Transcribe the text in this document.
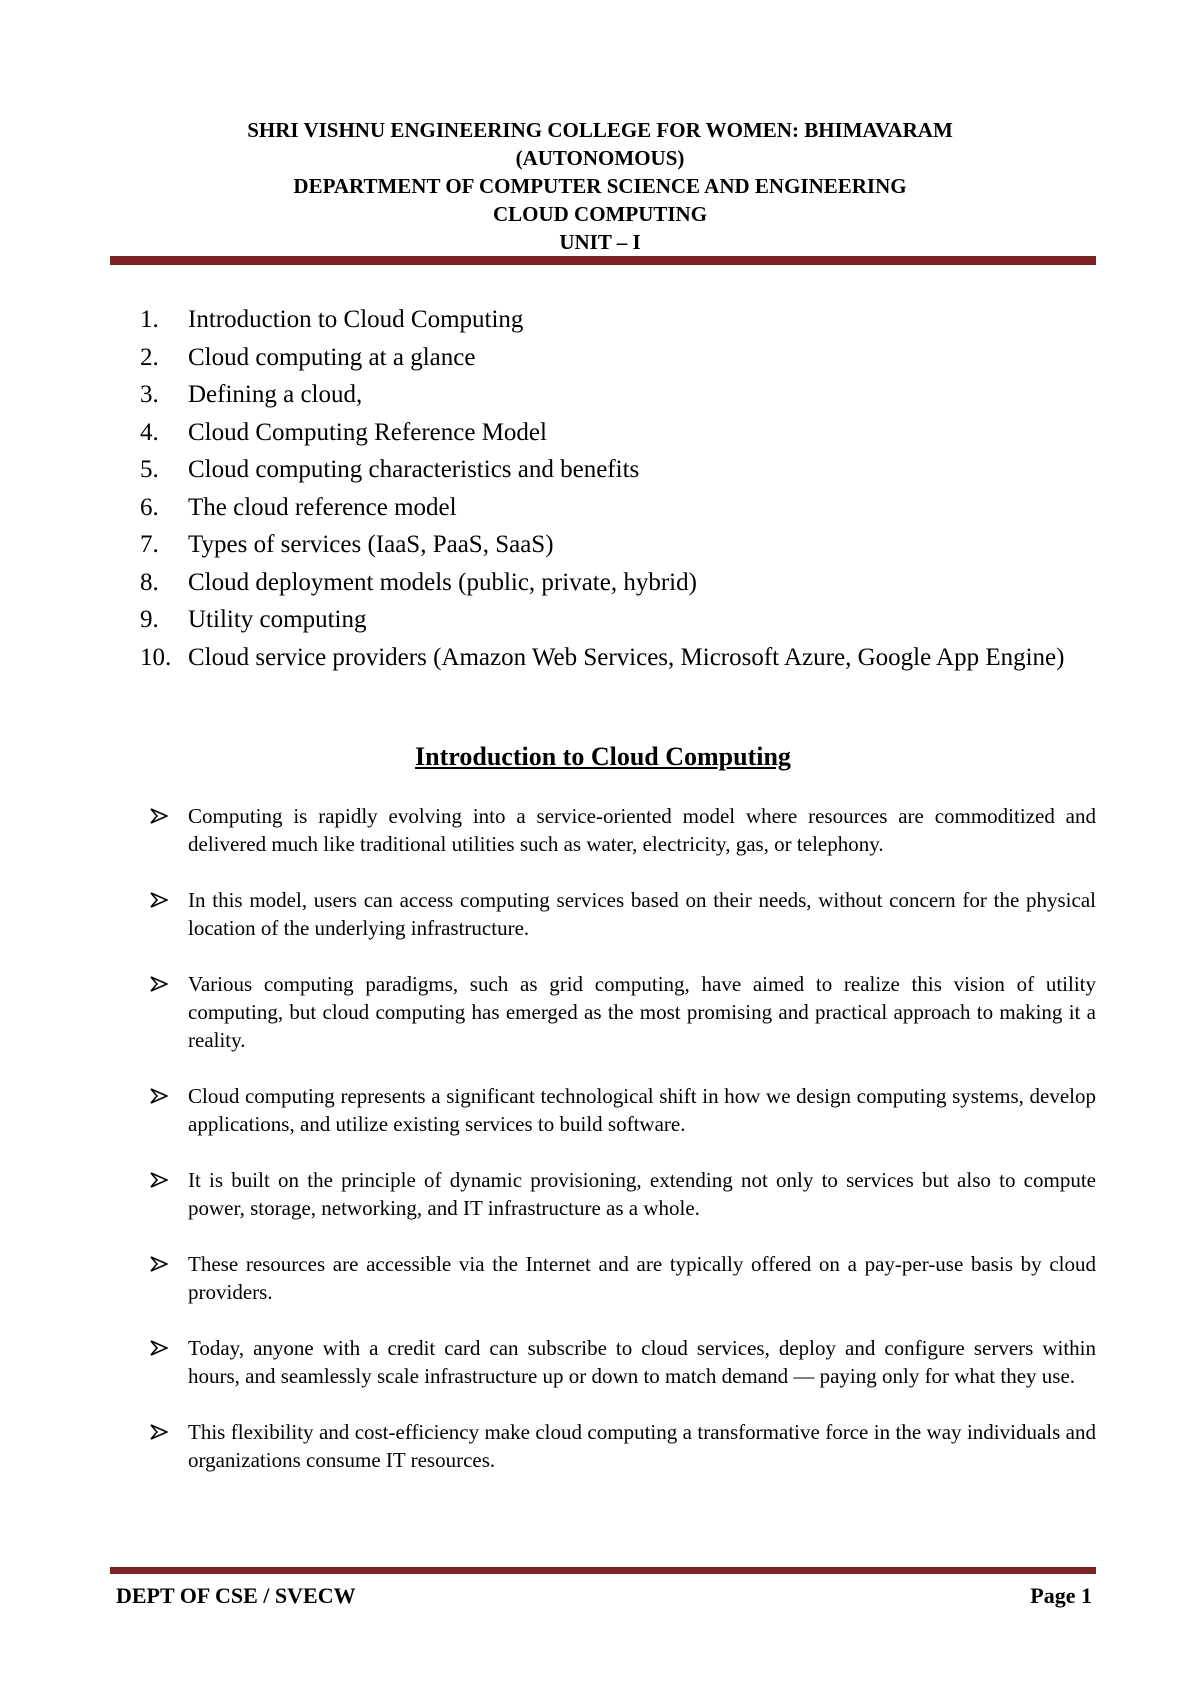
SHRI VISHNU ENGINEERING COLLEGE FOR WOMEN: BHIMAVARAM
(AUTONOMOUS)
DEPARTMENT OF COMPUTER SCIENCE AND ENGINEERING
CLOUD COMPUTING
UNIT – I
1.	Introduction to Cloud Computing
2.	Cloud computing at a glance
3.	Defining a cloud,
4.	Cloud Computing Reference Model
5.	Cloud computing characteristics and benefits
6.	The cloud reference model
7.	Types of services (IaaS, PaaS, SaaS)
8.	Cloud deployment models (public, private, hybrid)
9.	Utility computing
10. Cloud service providers (Amazon Web Services, Microsoft Azure, Google App Engine)
Introduction to Cloud Computing
Computing is rapidly evolving into a service-oriented model where resources are commoditized and delivered much like traditional utilities such as water, electricity, gas, or telephony.
In this model, users can access computing services based on their needs, without concern for the physical location of the underlying infrastructure.
Various computing paradigms, such as grid computing, have aimed to realize this vision of utility computing, but cloud computing has emerged as the most promising and practical approach to making it a reality.
Cloud computing represents a significant technological shift in how we design computing systems, develop applications, and utilize existing services to build software.
It is built on the principle of dynamic provisioning, extending not only to services but also to compute power, storage, networking, and IT infrastructure as a whole.
These resources are accessible via the Internet and are typically offered on a pay-per-use basis by cloud providers.
Today, anyone with a credit card can subscribe to cloud services, deploy and configure servers within hours, and seamlessly scale infrastructure up or down to match demand — paying only for what they use.
This flexibility and cost-efficiency make cloud computing a transformative force in the way individuals and organizations consume IT resources.
DEPT OF CSE / SVECW	Page 1
